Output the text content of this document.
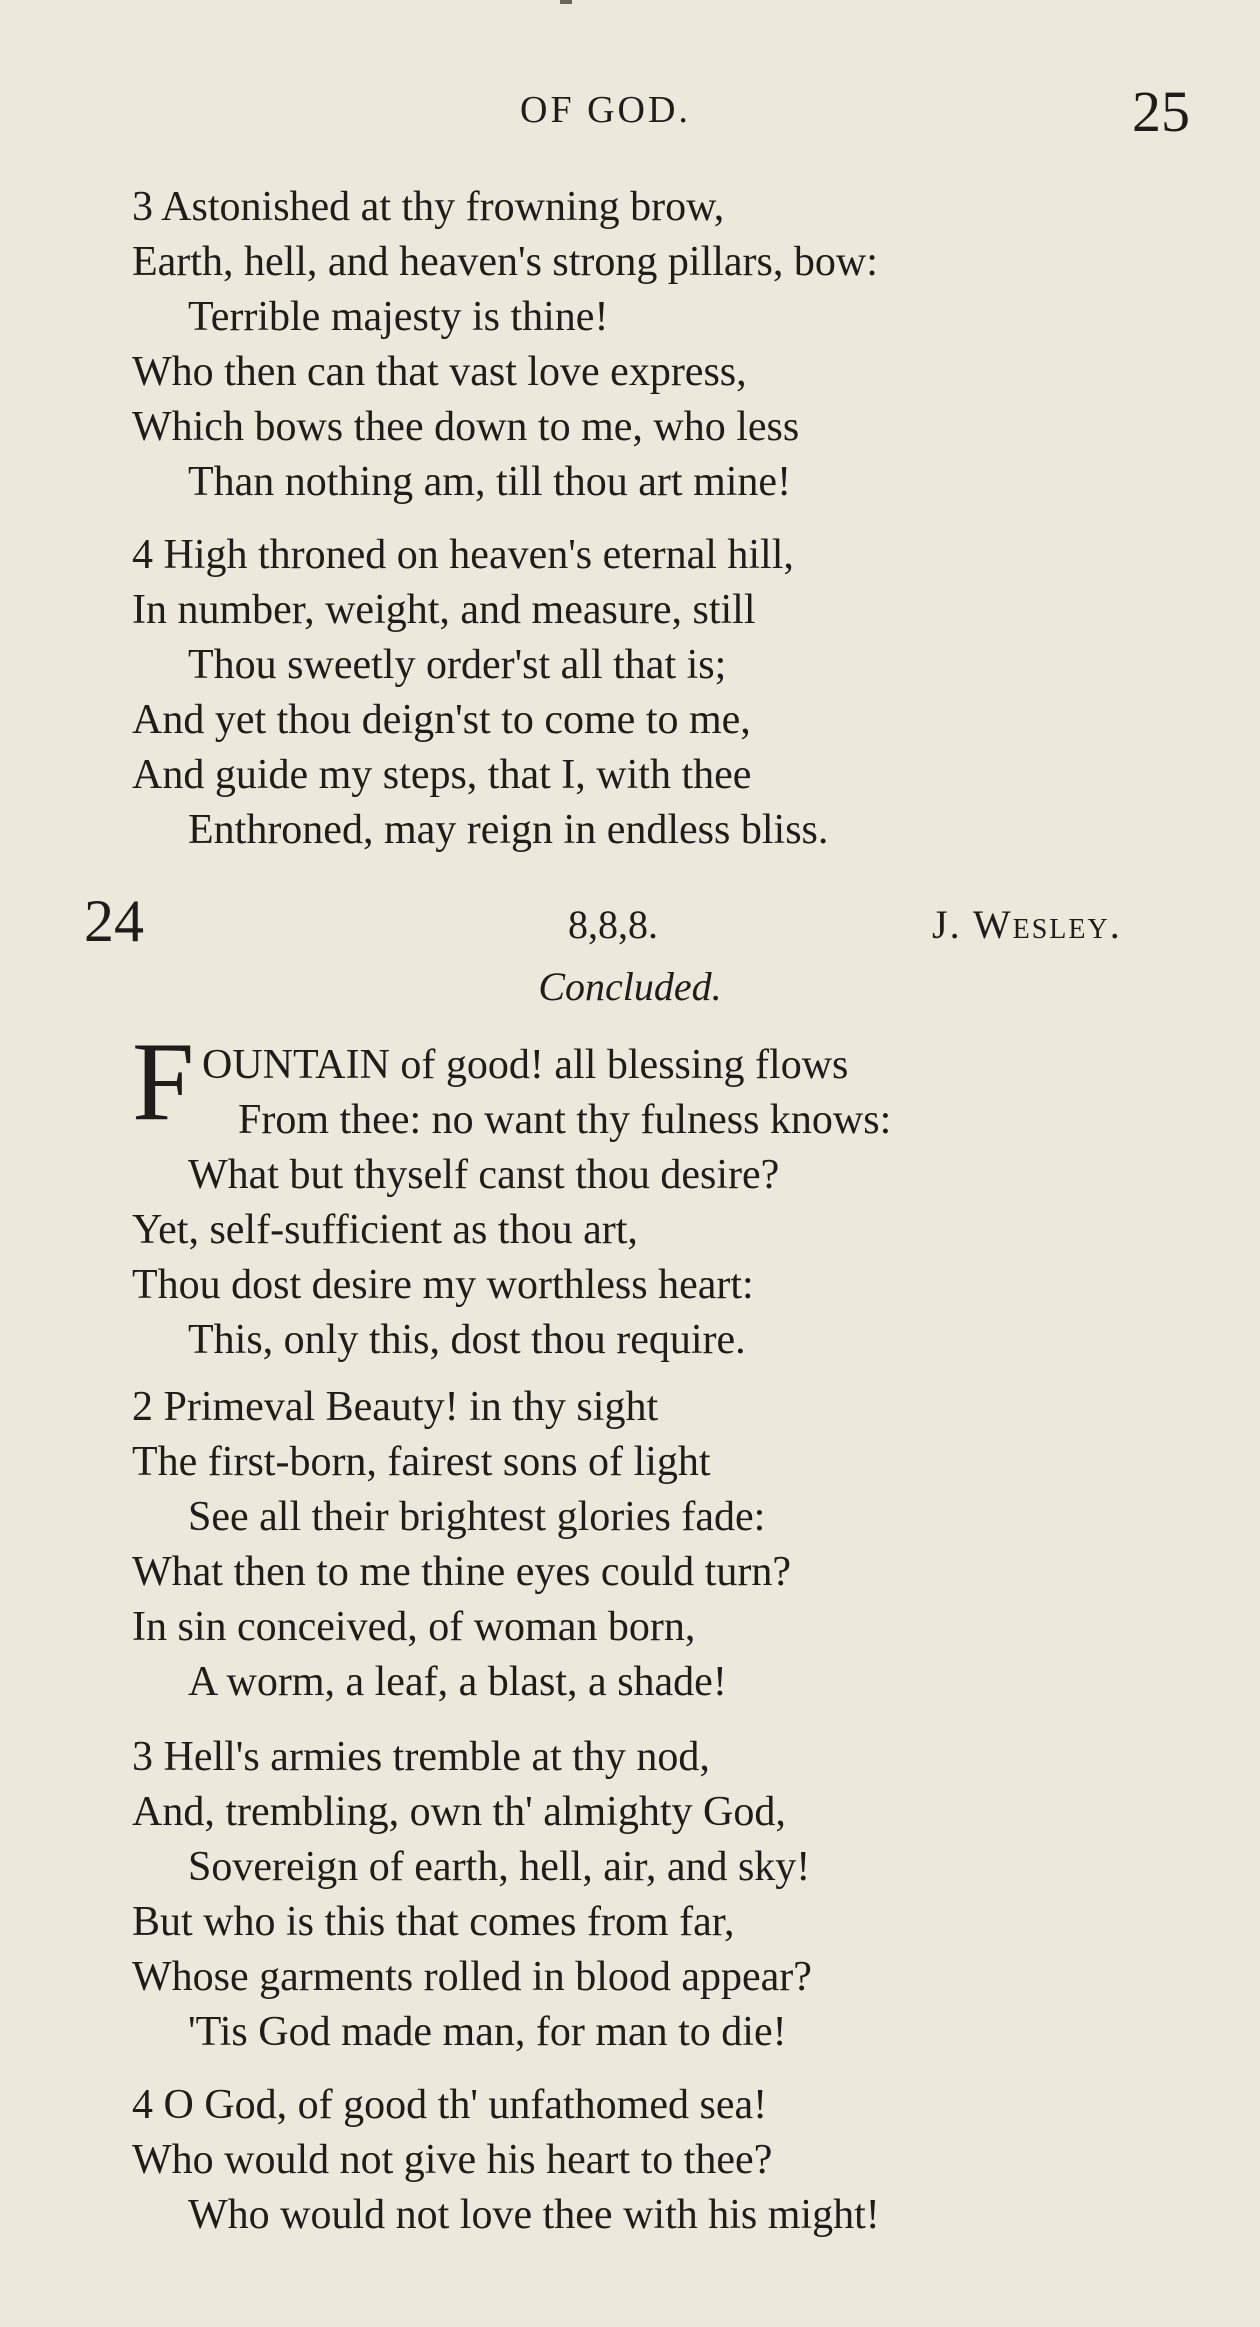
OF GOD.	25
3 Astonished at thy frowning brow,
Earth, hell, and heaven's strong pillars, bow:
Terrible majesty is thine!
Who then can that vast love express,
Which bows thee down to me, who less
Than nothing am, till thou art mine!
4 High throned on heaven's eternal hill,
In number, weight, and measure, still
Thou sweetly order'st all that is;
And yet thou deign'st to come to me,
And guide my steps, that I, with thee
Enthroned, may reign in endless bliss.
24	8,8,8.	J. Wesley.
Concluded.
F OUNTAIN of good! all blessing flows
From thee: no want thy fulness knows:
What but thyself canst thou desire?
Yet, self-sufficient as thou art,
Thou dost desire my worthless heart:
This, only this, dost thou require.
2 Primeval Beauty! in thy sight
The first-born, fairest sons of light
See all their brightest glories fade:
What then to me thine eyes could turn?
In sin conceived, of woman born,
A worm, a leaf, a blast, a shade!
3 Hell's armies tremble at thy nod,
And, trembling, own th' almighty God,
Sovereign of earth, hell, air, and sky!
But who is this that comes from far,
Whose garments rolled in blood appear?
'Tis God made man, for man to die!
4 O God, of good th' unfathomed sea!
Who would not give his heart to thee?
Who would not love thee with his might!
